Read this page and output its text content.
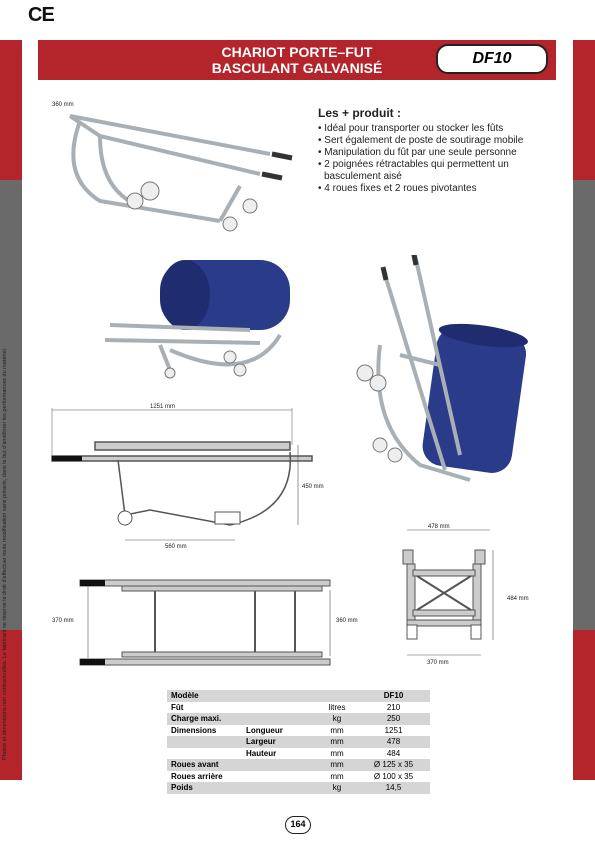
CE
CHARIOT PORTE–FUT
BASCULANT GALVANISÉ
DF10
Photos et dimensions non contractuelles. Le fabricant se réserve le droit d'effectuer toute modification sans préavis, dans le but d'améliorer les performances du matériel.
360 mm
Les + produit :
• Idéal pour transporter ou stocker les fûts
• Sert également de poste de soutirage mobile
• Manipulation du fût par une seule personne
• 2 poignées rétractables qui permettent un basculement aisé
• 4 roues fixes et 2 roues pivotantes
1251 mm
450 mm
560 mm
370 mm	360 mm
478 mm
484 mm
370 mm
Modèle			DF10
Fût		litres	210
Charge maxi.		kg	250
Dimensions	Longueur	mm	1251
	Largeur	mm	478
	Hauteur	mm	484
Roues avant		mm	Ø 125 x 35
Roues arrière		mm	Ø 100 x 35
Poids		kg	14,5
164
